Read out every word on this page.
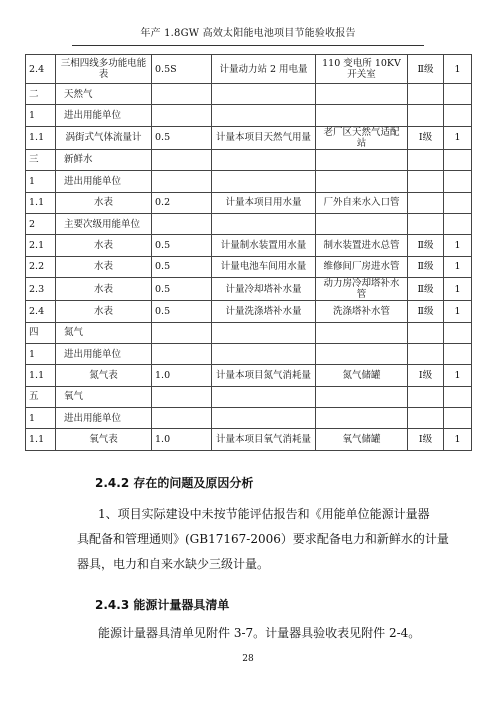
年产 1.8GW 高效太阳能电池项目节能验收报告
2.4	三相四线多功能电能表	0.5S	计量动力站 2 用电量	110 变电所 10KV 开关室	Ⅱ级	1
二	天然气					
1	进出用能单位					
1.1	涡街式气体流量计	0.5	计量本项目天然气用量	老厂区天然气适配站	Ⅰ级	1
三	新鲜水					
1	进出用能单位					
1.1	水表	0.2	计量本项目用水量	厂外自来水入口管		
2	主要次级用能单位					
2.1	水表	0.5	计量制水装置用水量	制水装置进水总管	Ⅱ级	1
2.2	水表	0.5	计量电池车间用水量	维修间厂房进水管	Ⅱ级	1
2.3	水表	0.5	计量冷却塔补水量	动力房冷却塔补水管	Ⅱ级	1
2.4	水表	0.5	计量洗涤塔补水量	洗涤塔补水管	Ⅱ级	1
四	氮气					
1	进出用能单位					
1.1	氮气表	1.0	计量本项目氮气消耗量	氮气储罐	Ⅰ级	1
五	氧气					
1	进出用能单位					
1.1	氧气表	1.0	计量本项目氧气消耗量	氧气储罐	Ⅰ级	1
2.4.2 存在的问题及原因分析
1、项目实际建设中未按节能评估报告和《用能单位能源计量器
具配备和管理通则》(GB17167-2006）要求配备电力和新鲜水的计量
器具，电力和自来水缺少三级计量。
2.4.3 能源计量器具清单
能源计量器具清单见附件 3-7。计量器具验收表见附件 2-4。
28
